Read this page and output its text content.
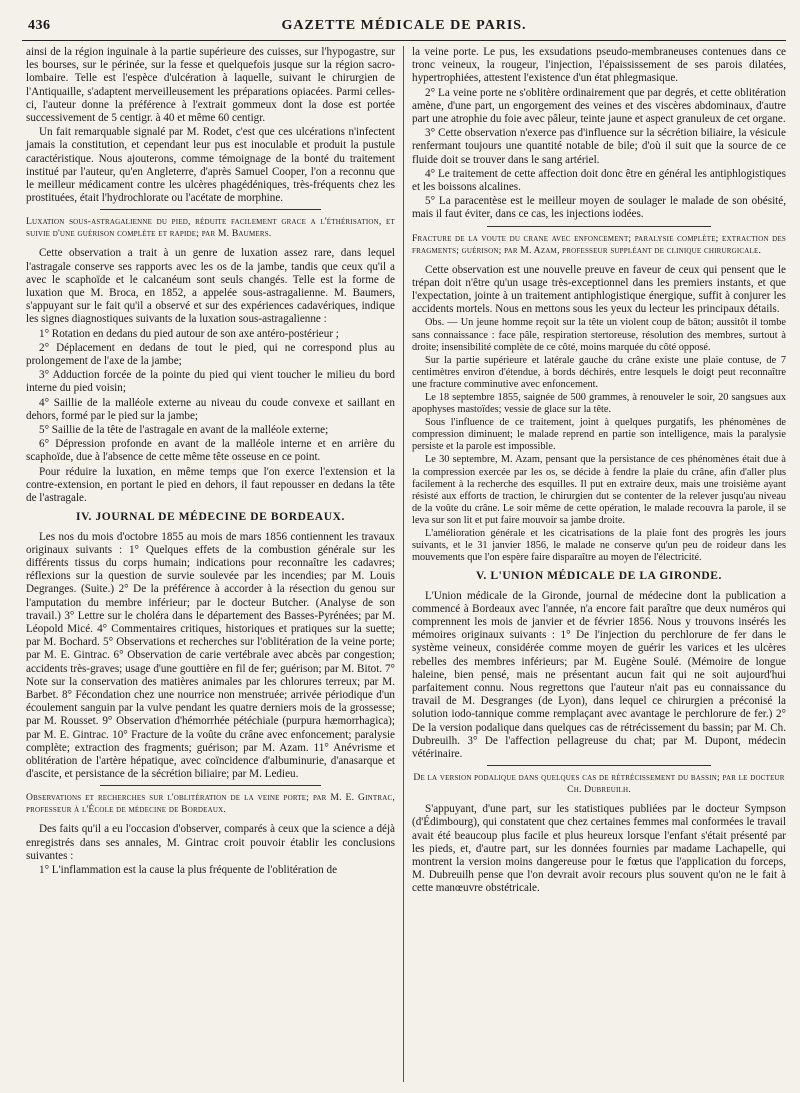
436	GAZETTE MÉDICALE DE PARIS.

ainsi de la région inguinale à la partie supérieure des cuisses, sur l'hypogastre, sur les bourses, sur le périnée, sur la fesse et quelquefois jusque sur la région sacro-lombaire. Telle est l'espèce d'ulcération à laquelle, suivant le chirurgien de l'Antiquaille, s'adaptent merveilleusement les préparations opiacées. Parmi celles-ci, l'auteur donne la préférence à l'extrait gommeux dont la dose est portée successivement de 5 centigr. à 40 et même 60 centigr.

Un fait remarquable signalé par M. Rodet, c'est que ces ulcérations n'infectent jamais la constitution, et cependant leur pus est inoculable et produit la pustule caractéristique. Nous ajouterons, comme témoignage de la bonté du traitement institué par l'auteur, qu'en Angleterre, d'après Samuel Cooper, l'on a reconnu que le meilleur médicament contre les ulcères phagédéniques, très-fréquents chez les prostituées, était l'hydrochlorate ou l'acétate de morphine.

Luxation sous-astragalienne du pied, réduite facilement grace a l'éthérisation, et suivie d'une guérison complète et rapide; par M. Baumers.

Cette observation a trait à un genre de luxation assez rare, dans lequel l'astragale conserve ses rapports avec les os de la jambe, tandis que ceux qu'il a avec le scaphoïde et le calcanéum sont seuls changés. Telle est la forme de luxation que M. Broca, en 1852, a appelée sous-astragalienne. M. Baumers, s'appuyant sur le fait qu'il a observé et sur des expériences cadavériques, indique les signes diagnostiques suivants de la luxation sous-astragalienne :

1° Rotation en dedans du pied autour de son axe antéro-postérieur ;

2° Déplacement en dedans de tout le pied, qui ne correspond plus au prolongement de l'axe de la jambe;

3° Adduction forcée de la pointe du pied qui vient toucher le milieu du bord interne du pied voisin;

4° Saillie de la malléole externe au niveau du coude convexe et saillant en dehors, formé par le pied sur la jambe;

5° Saillie de la tête de l'astragale en avant de la malléole externe;

6° Dépression profonde en avant de la malléole interne et en arrière du scaphoïde, due à l'absence de cette même tête osseuse en ce point.

Pour réduire la luxation, en même temps que l'on exerce l'extension et la contre-extension, en portant le pied en dehors, il faut repousser en dedans la tête de l'astragale.

IV. JOURNAL DE MÉDECINE DE BORDEAUX.

Les nos du mois d'octobre 1855 au mois de mars 1856 contiennent les travaux originaux suivants : 1° Quelques effets de la combustion générale sur les différents tissus du corps humain; indications pour reconnaître les cadavres; réflexions sur la question de survie soulevée par les incendies; par M. Louis Degranges. (Suite.) 2° De la préférence à accorder à la résection du genou sur l'amputation du membre inférieur; par le docteur Butcher. (Analyse de son travail.) 3° Lettre sur le choléra dans le département des Basses-Pyrénées; par M. Léopold Micé. 4° Commentaires critiques, historiques et pratiques sur la suette; par M. Bochard. 5° Observations et recherches sur l'oblitération de la veine porte; par M. E. Gintrac. 6° Observation de carie vertébrale avec abcès par congestion; accidents très-graves; usage d'une gouttière en fil de fer; guérison; par M. Bitot. 7° Note sur la conservation des matières animales par les chlorures terreux; par M. Barbet. 8° Fécondation chez une nourrice non menstruée; arrivée périodique d'un écoulement sanguin par la vulve pendant les quatre derniers mois de la grossesse; par M. Rousset. 9° Observation d'hémorrhée pétéchiale (purpura hæmorrhagica); par M. E. Gintrac. 10° Fracture de la voûte du crâne avec enfoncement; paralysie complète; extraction des fragments; guérison; par M. Azam. 11° Anévrisme et oblitération de l'artère hépatique, avec coïncidence d'albuminurie, d'anasarque et d'ascite, et persistance de la sécrétion biliaire; par M. Ledieu.

Observations et recherches sur l'oblitération de la veine porte; par M. E. Gintrac, professeur à l'École de médecine de Bordeaux.

Des faits qu'il a eu l'occasion d'observer, comparés à ceux que la science a déjà enregistrés dans ses annales, M. Gintrac croit pouvoir établir les conclusions suivantes :

1° L'inflammation est la cause la plus fréquente de l'oblitération de

la veine porte. Le pus, les exsudations pseudo-membraneuses contenues dans ce tronc veineux, la rougeur, l'injection, l'épaississement de ses parois dilatées, hypertrophiées, attestent l'existence d'un état phlegmasique.

2° La veine porte ne s'oblitère ordinairement que par degrés, et cette oblitération amène, d'une part, un engorgement des veines et des viscères abdominaux, d'autre part une atrophie du foie avec pâleur, teinte jaune et aspect granuleux de cet organe.

3° Cette observation n'exerce pas d'influence sur la sécrétion biliaire, la vésicule renfermant toujours une quantité notable de bile; d'où il suit que la source de ce fluide doit se trouver dans le sang artériel.

4° Le traitement de cette affection doit donc être en général les antiphlogistiques et les boissons alcalines.

5° La paracentèse est le meilleur moyen de soulager le malade de son obésité, mais il faut éviter, dans ce cas, les injections iodées.

Fracture de la voute du crane avec enfoncement; paralysie complète; extraction des fragments; guérison; par M. Azam, professeur suppléant de clinique chirurgicale.

Cette observation est une nouvelle preuve en faveur de ceux qui pensent que le trépan doit n'être qu'un usage très-exceptionnel dans les premiers instants, et que l'expectation, jointe à un traitement antiphlogistique énergique, suffit à conjurer les accidents mortels. Nous en mettons sous les yeux du lecteur les principaux détails.

Obs. — Un jeune homme reçoit sur la tête un violent coup de bâton; aussitôt il tombe sans connaissance : face pâle, respiration stertoreuse, résolution des membres, surtout à droite; insensibilité complète de ce côté, moins marquée du côté opposé.

Sur la partie supérieure et latérale gauche du crâne existe une plaie contuse, de 7 centimètres environ d'étendue, à bords déchirés, entre lesquels le doigt peut reconnaître une fracture comminutive avec enfoncement.

Le 18 septembre 1855, saignée de 500 grammes, à renouveler le soir, 20 sangsues aux apophyses mastoïdes; vessie de glace sur la tête.

Sous l'influence de ce traitement, joint à quelques purgatifs, les phénomènes de compression diminuent; le malade reprend en partie son intelligence, mais la paralysie persiste et la parole est impossible.

Le 30 septembre, M. Azam, pensant que la persistance de ces phénomènes était due à la compression exercée par les os, se décide à fendre la plaie du crâne, afin d'aller plus facilement à la recherche des esquilles. Il put en extraire deux, mais une troisième ayant résisté aux efforts de traction, le chirurgien dut se contenter de la relever jusqu'au niveau de la voûte du crâne. Le soir même de cette opération, le malade recouvra la parole, il se leva sur son lit et put faire mouvoir sa jambe droite.

L'amélioration générale et les cicatrisations de la plaie font des progrès les jours suivants, et le 31 janvier 1856, le malade ne conserve qu'un peu de roideur dans les mouvements que l'on espère faire disparaître au moyen de l'électricité.

V. L'UNION MÉDICALE DE LA GIRONDE.

L'Union médicale de la Gironde, journal de médecine dont la publication a commencé à Bordeaux avec l'année, n'a encore fait paraître que deux numéros qui comprennent les mois de janvier et de février 1856. Nous y trouvons insérés les mémoires originaux suivants : 1° De l'injection du perchlorure de fer dans le système veineux, considérée comme moyen de guérir les varices et les ulcères rebelles des membres inférieurs; par M. Eugène Soulé. (Mémoire de longue haleine, bien pensé, mais ne présentant aucun fait qui ne soit aujourd'hui parfaitement connu. Nous regrettons que l'auteur n'ait pas eu connaissance du travail de M. Desgranges (de Lyon), dans lequel ce chirurgien a préconisé la solution iodo-tannique comme remplaçant avec avantage le perchlorure de fer.) 2° De la version podalique dans quelques cas de rétrécissement du bassin; par M. Ch. Dubreuilh. 3° De l'affection pellagreuse du chat; par M. Dupont, médecin vétérinaire.

De la version podalique dans quelques cas de rétrécissement du bassin; par le docteur Ch. Dubreuilh.

S'appuyant, d'une part, sur les statistiques publiées par le docteur Sympson (d'Édimbourg), qui constatent que chez certaines femmes mal conformées le travail avait été beaucoup plus facile et plus heureux lorsque l'enfant s'était présenté par les pieds, et, d'autre part, sur les données fournies par madame Lachapelle, qui montrent la version moins dangereuse pour le fœtus que l'application du forceps, M. Dubreuilh pense que l'on devrait avoir recours plus souvent qu'on ne le fait à cette manœuvre obstétricale.
